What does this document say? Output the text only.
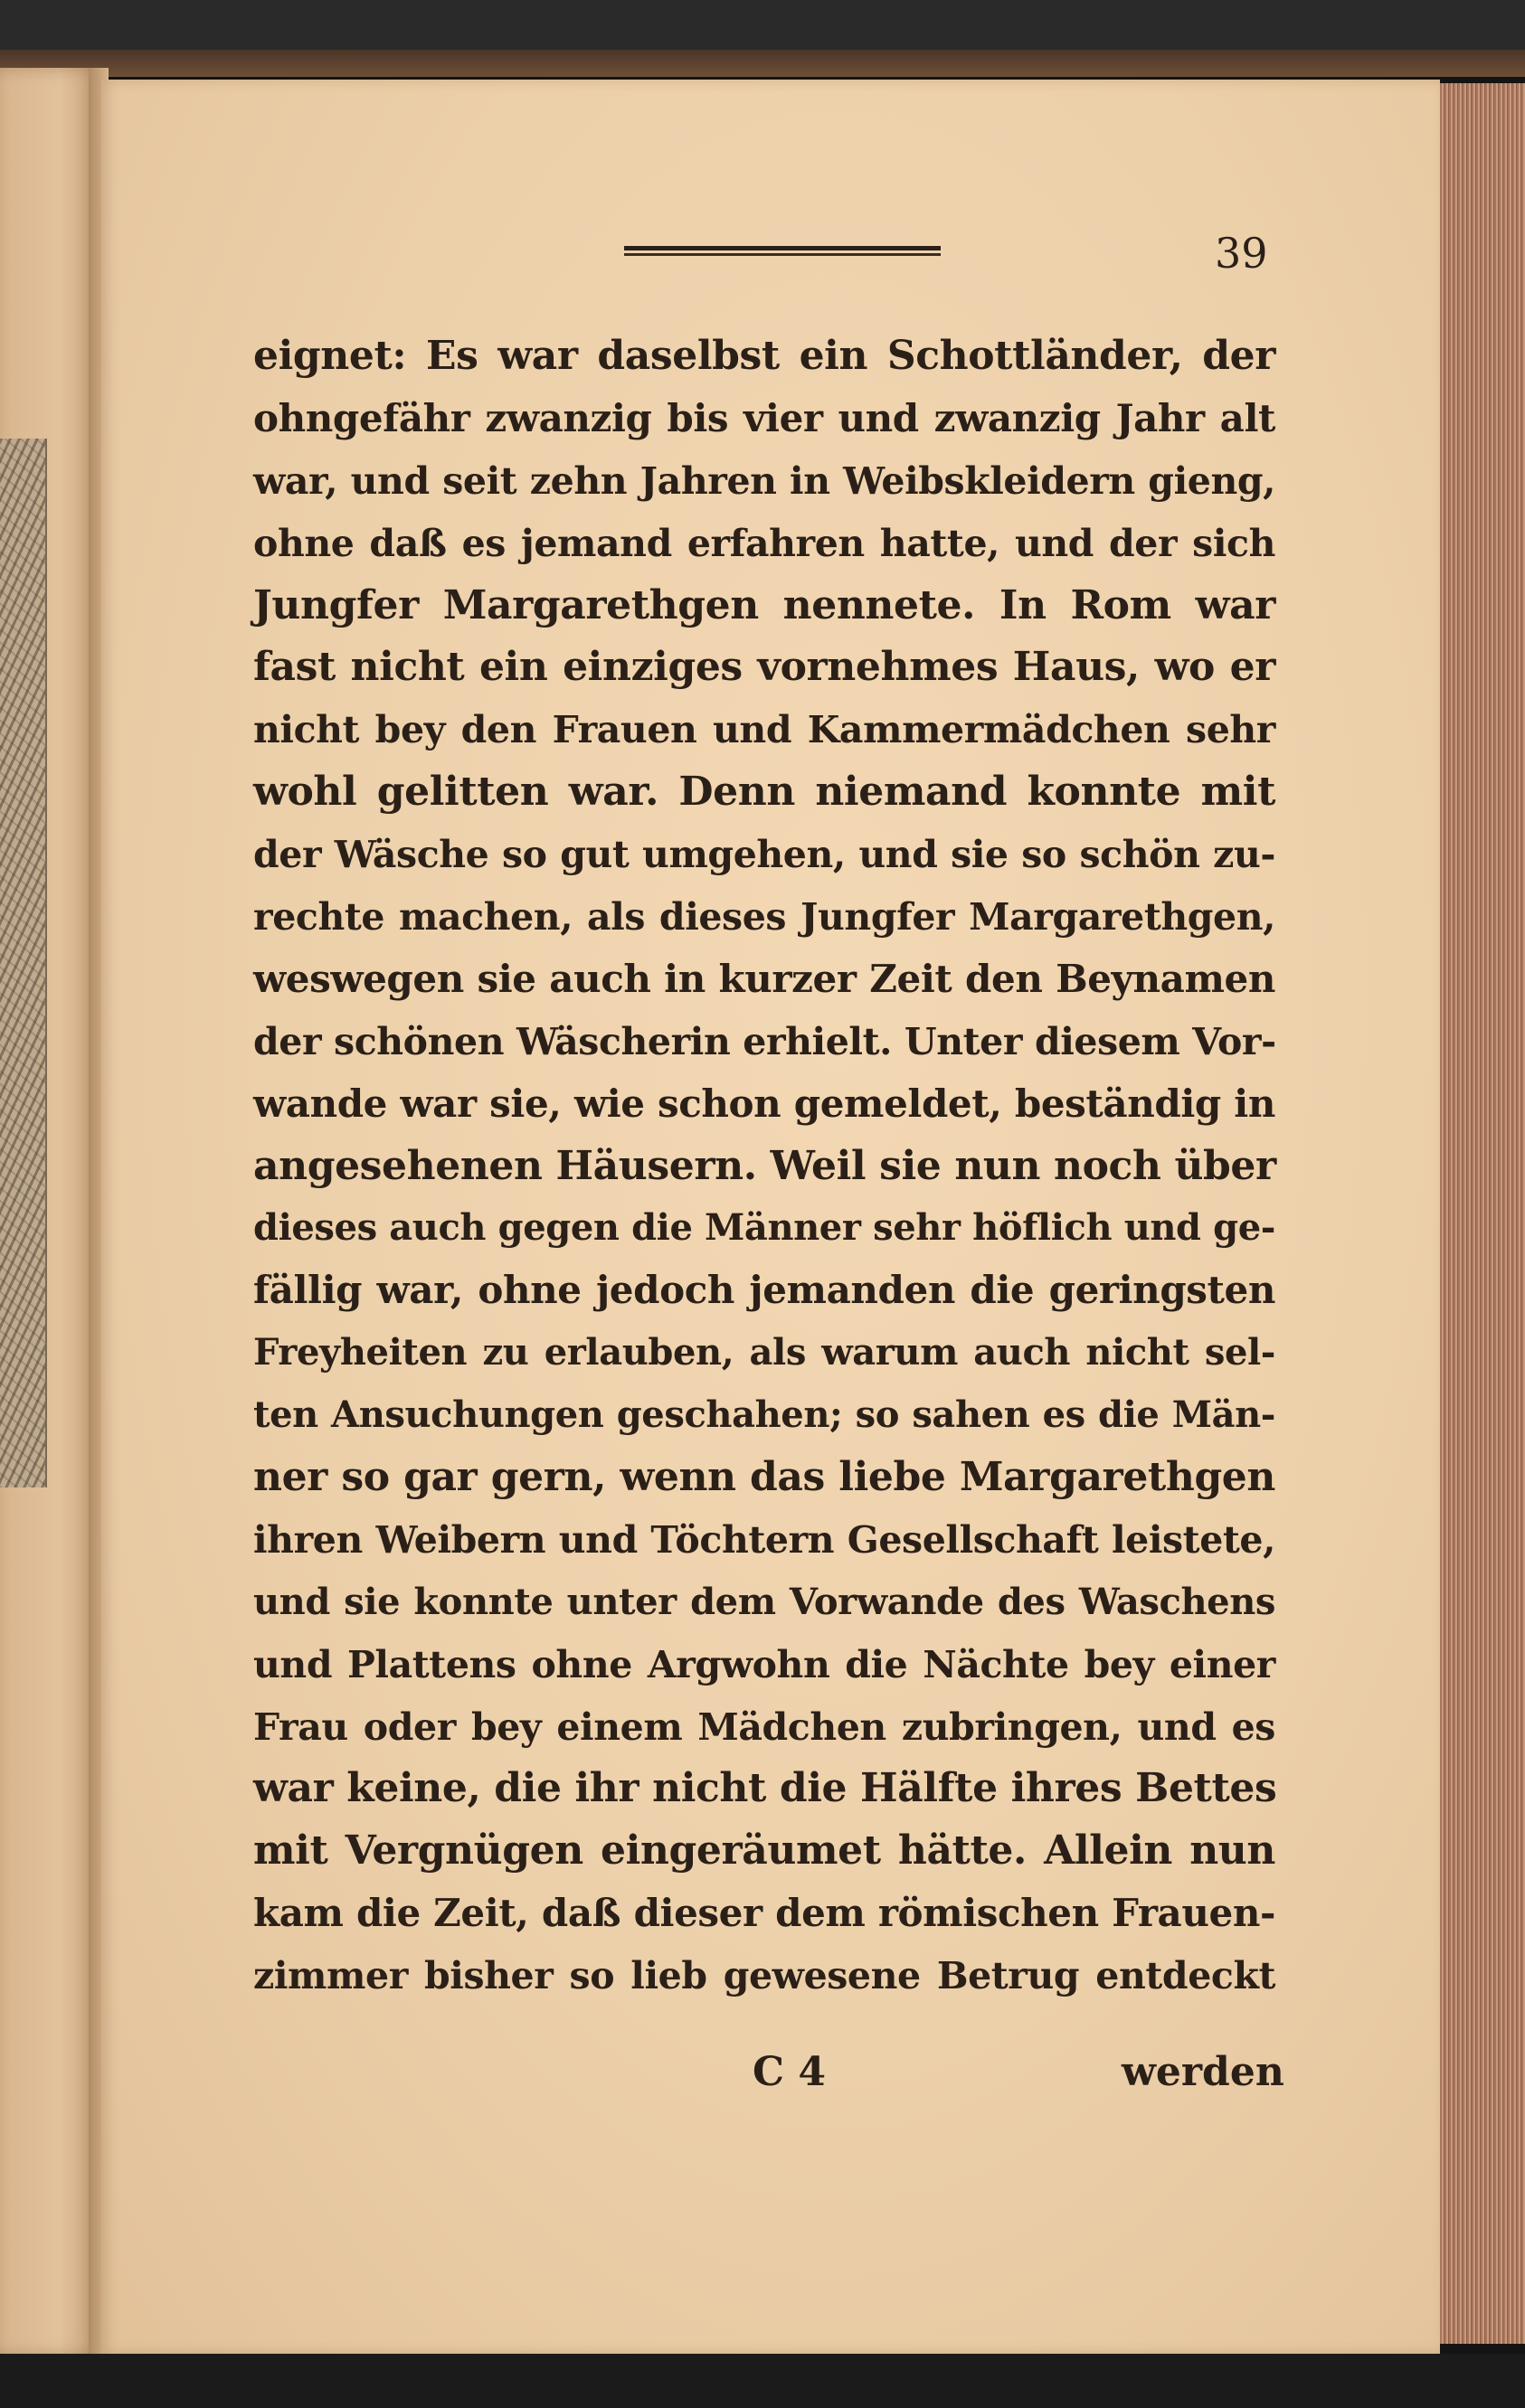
39
eignet: Es war daselbst ein Schottländer, der
ohngefähr zwanzig bis vier und zwanzig Jahr alt
war, und seit zehn Jahren in Weibskleidern gieng,
ohne daß es jemand erfahren hatte, und der sich
Jungfer Margarethgen nennete. In Rom war
fast nicht ein einziges vornehmes Haus, wo er
nicht bey den Frauen und Kammermädchen sehr
wohl gelitten war. Denn niemand konnte mit
der Wäsche so gut umgehen, und sie so schön zu-
rechte machen, als dieses Jungfer Margarethgen,
weswegen sie auch in kurzer Zeit den Beynamen
der schönen Wäscherin erhielt. Unter diesem Vor-
wande war sie, wie schon gemeldet, beständig in
angesehenen Häusern. Weil sie nun noch über
dieses auch gegen die Männer sehr höflich und ge-
fällig war, ohne jedoch jemanden die geringsten
Freyheiten zu erlauben, als warum auch nicht sel-
ten Ansuchungen geschahen; so sahen es die Män-
ner so gar gern, wenn das liebe Margarethgen
ihren Weibern und Töchtern Gesellschaft leistete,
und sie konnte unter dem Vorwande des Waschens
und Plattens ohne Argwohn die Nächte bey einer
Frau oder bey einem Mädchen zubringen, und es
war keine, die ihr nicht die Hälfte ihres Bettes
mit Vergnügen eingeräumet hätte. Allein nun
kam die Zeit, daß dieser dem römischen Frauen-
zimmer bisher so lieb gewesene Betrug entdeckt
C 4	werden
